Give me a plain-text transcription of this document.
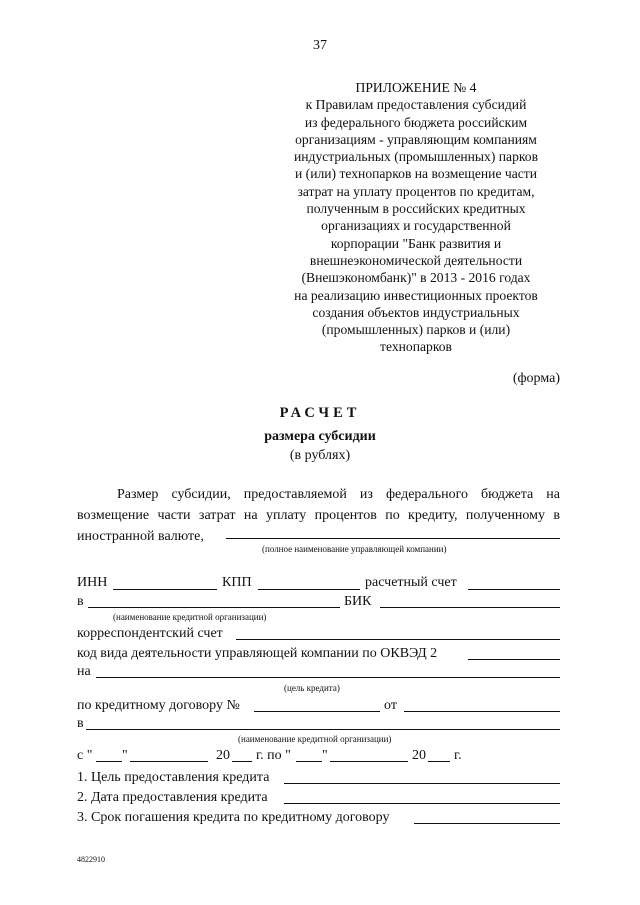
37
ПРИЛОЖЕНИЕ № 4
к Правилам предоставления субсидий
из федерального бюджета российским
организациям - управляющим компаниям
индустриальных (промышленных) парков
и (или) технопарков на возмещение части
затрат на уплату процентов по кредитам,
полученным в российских кредитных
организациях и государственной
корпорации "Банк развития и
внешнеэкономической деятельности
(Внешэкономбанк)" в 2013 - 2016 годах
на реализацию инвестиционных проектов
создания объектов индустриальных
(промышленных) парков и (или)
технопарков
(форма)
РАСЧЕТ
размера субсидии
(в рублях)
Размер субсидии, предоставляемой из федерального бюджета на возмещение части затрат на уплату процентов по кредиту, полученному в иностранной валюте,
(полное наименование управляющей компании)
ИНН	КПП	расчетный счет
в	БИК
(наименование кредитной организации)
корреспондентский счет
код вида деятельности управляющей компании по ОКВЭД 2
на
(цель кредита)
по кредитному договору №	от
в
(наименование кредитной организации)
с " "	20 г. по " "	20 г.
1. Цель предоставления кредита
2. Дата предоставления кредита
3. Срок погашения кредита по кредитному договору
4822910
